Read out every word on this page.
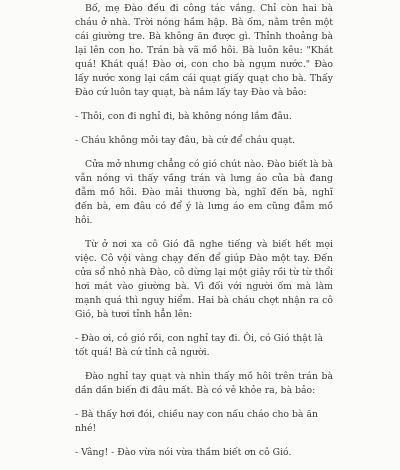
Bố, mẹ Đào đều đi công tác vắng. Chỉ còn hai bà cháu ở nhà. Trời nóng hầm hập. Bà ốm, nằm trên một cái giường tre. Bà không ăn được gì. Thỉnh thoảng bà lại lên con ho. Trán bà vã mồ hôi. Bà luôn kêu: "Khát quá! Khát quá! Đào ơi, con cho bà ngụm nước." Đào lấy nước xong lại cầm cái quạt giấy quạt cho bà. Thấy Đào cứ luôn tay quạt, bà nắm lấy tay Đào và bảo:

- Thôi, con đi nghỉ đi, bà không nóng lắm đâu.

- Cháu không mỏi tay đâu, bà cứ để cháu quạt.

Cửa mở nhưng chẳng có gió chút nào. Đào biết là bà vẫn nóng vì thấy vầng trán và lưng áo của bà đang đẫm mồ hôi. Đào mải thương bà, nghĩ đến bà, nghĩ đến bà, em đâu có để ý là lưng áo em cũng đẫm mồ hôi.

Từ ở nơi xa cô Gió đã nghe tiếng và biết hết mọi việc. Cô vội vàng chạy đến để giúp Đào một tay. Đến cửa sổ nhỏ nhà Đào, cô dừng lại một giây rồi từ từ thổi hơi mát vào giường bà. Vì đối với người ốm mà làm mạnh quá thì nguy hiểm. Hai bà cháu chợt nhận ra cô Gió, bà tươi tỉnh hẳn lên:

- Đào ơi, có gió rồi, con nghỉ tay đi. Ôi, có Gió thật là tốt quá! Bà cứ tỉnh cả người.

Đào nghỉ tay quạt và nhìn thấy mồ hôi trên trán bà dần dần biến đi đâu mất. Bà có vẻ khỏe ra, bà bảo:

- Bà thấy hơi đói, chiều nay con nấu cháo cho bà ăn nhé!

- Vâng! - Đào vừa nói vừa thầm biết ơn cô Gió.
